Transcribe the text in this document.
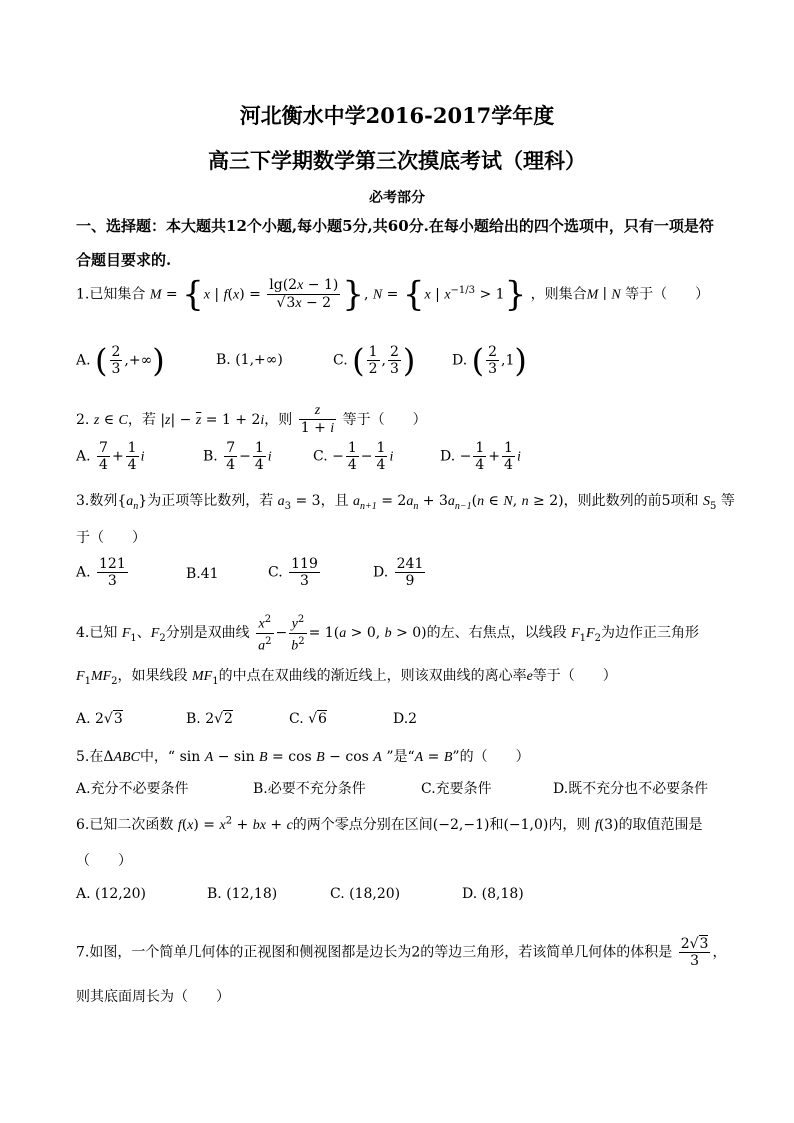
河北衡水中学2016-2017学年度
高三下学期数学第三次摸底考试（理科）
必考部分
一、选择题：本大题共12个小题,每小题5分,共60分.在每小题给出的四个选项中，只有一项是符合题目要求的.
1.已知集合 M = {x | $f(x) = \frac{\lg(2x - 1)}{√3x - 2}$ }, N = {x | $x^{-1/3} > 1$} ，则集合M ∣ N 等于（　　）
A. ( $\frac{2}{3}$ ,+∞)	B. (1,+∞)	C. ( $\frac{1}{2}$ , $\frac{2}{3}$ )	D. ( $\frac{2}{3} ,1$)
2. z ∈ C，若 $|z| - \overline{z} = 1 + 2i$，则 $\frac{z}{1 + i}$ 等于（　　）
A. $\frac{7}{4} + \frac{1}{4}$ i	B. $\frac{7}{4} - \frac{1}{4}$ i	C. − $\frac{1}{4} - \frac{1}{4}$ i	D. − $\frac{1}{4} + \frac{1}{4}$ i
3.数列$\{a_n\}$为正项等比数列，若 $a_3 = 3$，且 $a_{n+1} = 2a_n + 3a_{n-1}(n$ ∈ N, n ≥ 2)，则此数列的前5项和 $S_5$ 等
于（　　）
A. $\frac{121}{3}$	B.41	C. $\frac{119}{3}$	D. $\frac{241}{9}$
4.已知 $F_1$、$F_2$分别是双曲线 $\frac{x^2}{a^2} - \frac{y^2}{b^2} = 1(a > 0$, b > 0)的左、右焦点，以线段 $F_1F_2$为边作正三角形
$F_1MF_2$，如果线段 $MF_1$的中点在双曲线的渐近线上，则该双曲线的离心率e等于（　　）
A. 2√3	B. 2√2	C. √6	D.2
5.在ΔABC中，“ sin A − sin B = cos B − cos A ”是“A = B”的（　　）
A.充分不必要条件	B.必要不充分条件	C.充要条件	D.既不充分也不必要条件
6.已知二次函数 $f(x) = x^2$ + bx + c的两个零点分别在区间(−2,−1)和(−1,0)内，则 f(3)的取值范围是
（　　）
A. (12,20)	B. (12,18)	C. (18,20)	D. (8,18)
7.如图，一个简单几何体的正视图和侧视图都是边长为2的等边三角形，若该简单几何体的体积是 $\frac{2√3}{3}$ ，
则其底面周长为（　　）
